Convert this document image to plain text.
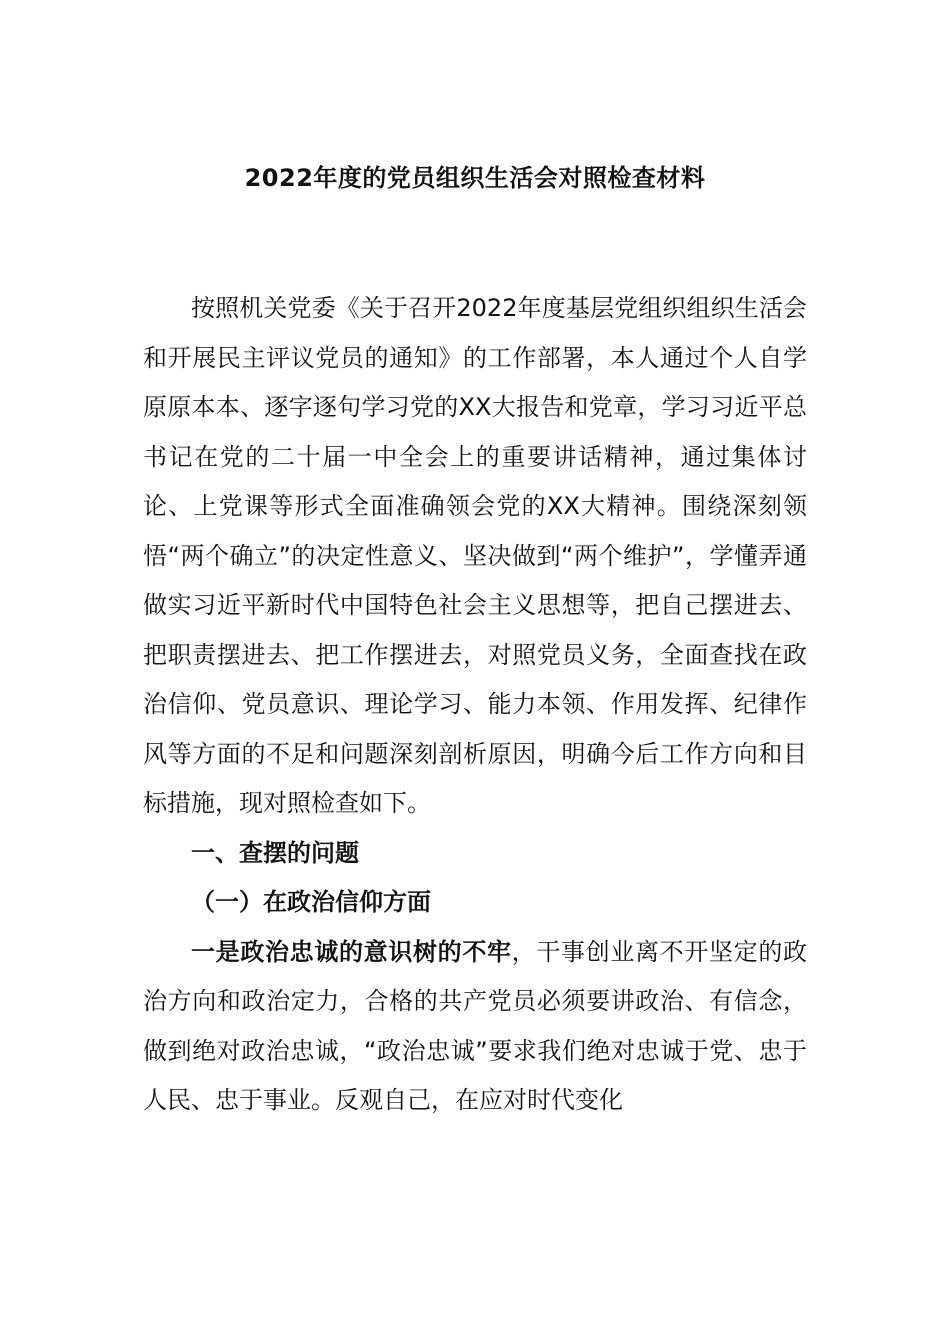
2022年度的党员组织生活会对照检查材料

按照机关党委《关于召开2022年度基层党组织组织生活会和开展民主评议党员的通知》的工作部署，本人通过个人自学原原本本、逐字逐句学习党的XX大报告和党章，学习习近平总书记在党的二十届一中全会上的重要讲话精神，通过集体讨论、上党课等形式全面准确领会党的XX大精神。围绕深刻领悟“两个确立”的决定性意义、坚决做到“两个维护”，学懂弄通做实习近平新时代中国特色社会主义思想等，把自己摆进去、把职责摆进去、把工作摆进去，对照党员义务，全面查找在政治信仰、党员意识、理论学习、能力本领、作用发挥、纪律作风等方面的不足和问题深刻剖析原因，明确今后工作方向和目标措施，现对照检查如下。

一、查摆的问题

（一）在政治信仰方面

一是政治忠诚的意识树的不牢，干事创业离不开坚定的政治方向和政治定力，合格的共产党员必须要讲政治、有信念，做到绝对政治忠诚，“政治忠诚”要求我们绝对忠诚于党、忠于人民、忠于事业。反观自己，在应对时代变化
